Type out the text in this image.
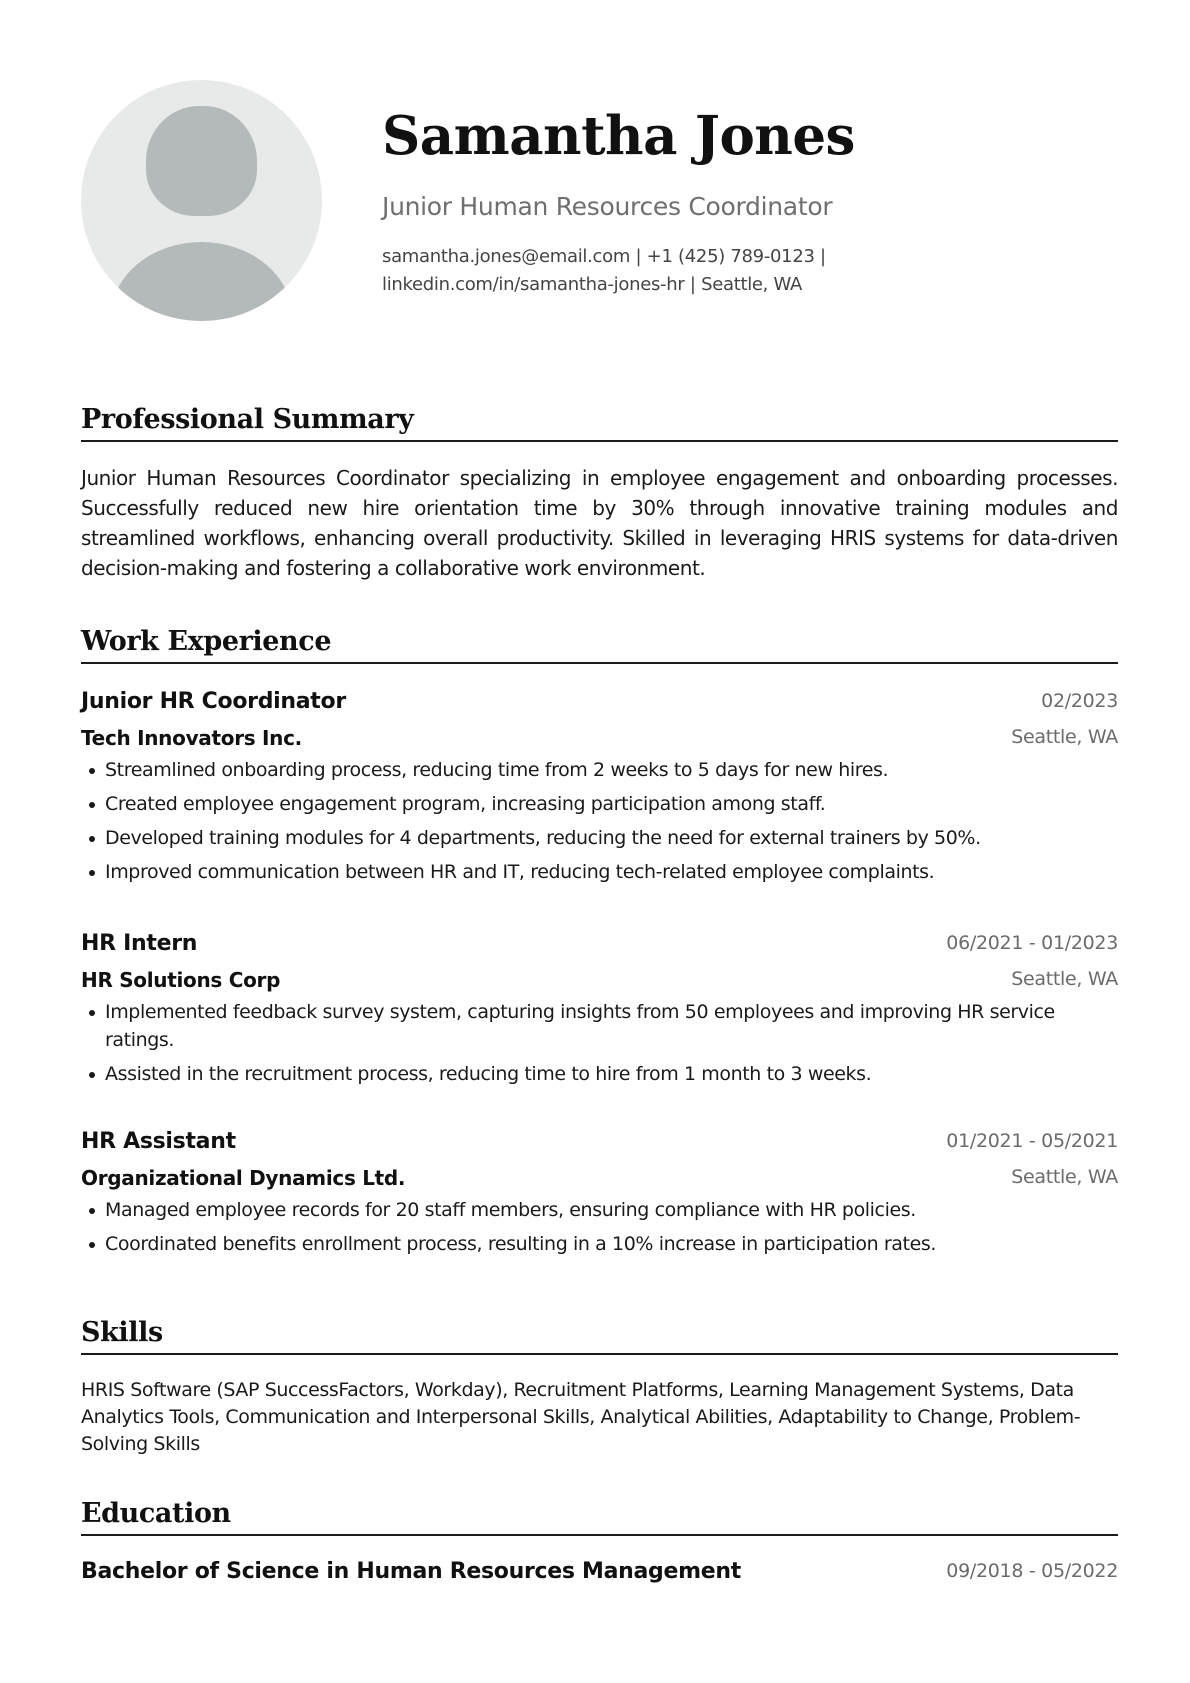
Samantha Jones

Junior Human Resources Coordinator

samantha.jones@email.com | +1 (425) 789-0123 |
linkedin.com/in/samantha-jones-hr | Seattle, WA

Professional Summary

Junior Human Resources Coordinator specializing in employee engagement and onboarding processes. Successfully reduced new hire orientation time by 30% through innovative training modules and streamlined workflows, enhancing overall productivity. Skilled in leveraging HRIS systems for data-driven decision-making and fostering a collaborative work environment.

Work Experience
Junior HR Coordinator	02/2023
Tech Innovators Inc.	Seattle, WA
Streamlined onboarding process, reducing time from 2 weeks to 5 days for new hires.
Created employee engagement program, increasing participation among staff.
Developed training modules for 4 departments, reducing the need for external trainers by 50%.
Improved communication between HR and IT, reducing tech-related employee complaints.
HR Intern	06/2021 - 01/2023
HR Solutions Corp	Seattle, WA
Implemented feedback survey system, capturing insights from 50 employees and improving HR service ratings.
Assisted in the recruitment process, reducing time to hire from 1 month to 3 weeks.
HR Assistant	01/2021 - 05/2021
Organizational Dynamics Ltd.	Seattle, WA
Managed employee records for 20 staff members, ensuring compliance with HR policies.
Coordinated benefits enrollment process, resulting in a 10% increase in participation rates.
Skills

HRIS Software (SAP SuccessFactors, Workday), Recruitment Platforms, Learning Management Systems, Data Analytics Tools, Communication and Interpersonal Skills, Analytical Abilities, Adaptability to Change, Problem-Solving Skills

Education
Bachelor of Science in Human Resources Management	09/2018 - 05/2022
